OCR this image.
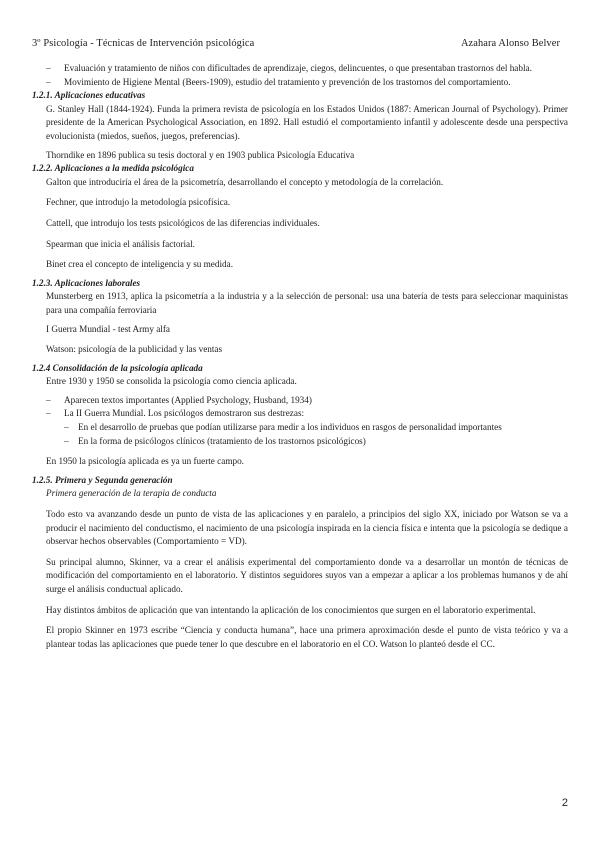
3º Psicología - Técnicas de Intervención psicológica	Azahara Alonso Belver
– Evaluación y tratamiento de niños con dificultades de aprendizaje, ciegos, delincuentes, o que presentaban trastornos del habla.
– Movimiento de Higiene Mental (Beers-1909), estudio del tratamiento y prevención de los trastornos del comportamiento.

1.2.1. Aplicaciones educativas

G. Stanley Hall (1844-1924). Funda la primera revista de psicología en los Estados Unidos (1887: American Journal of Psychology). Primer presidente de la American Psychological Association, en 1892. Hall estudió el comportamiento infantil y adolescente desde una perspectiva evolucionista (miedos, sueños, juegos, preferencias).

Thorndike en 1896 publica su tesis doctoral y en 1903 publica Psicología Educativa

1.2.2. Aplicaciones a la medida psicológica

Galton que introduciría el área de la psicometría, desarrollando el concepto y metodología de la correlación.

Fechner, que introdujo la metodología psicofísica.

Cattell, que introdujo los tests psicológicos de las diferencias individuales.

Spearman que inicia el análisis factorial.

Binet crea el concepto de inteligencia y su medida.

1.2.3. Aplicaciones laborales

Munsterberg en 1913, aplica la psicometría a la industria y a la selección de personal: usa una batería de tests para seleccionar maquinistas para una compañía ferroviaria

I Guerra Mundial - test Army alfa

Watson: psicología de la publicidad y las ventas

1.2.4 Consolidación de la psicología aplicada

Entre 1930 y 1950 se consolida la psicología como ciencia aplicada.

– Aparecen textos importantes (Applied Psychology, Husband, 1934)
– La II Guerra Mundial. Los psicólogos demostraron sus destrezas:
– En el desarrollo de pruebas que podían utilizarse para medir a los individuos en rasgos de personalidad importantes
– En la forma de psicólogos clínicos (tratamiento de los trastornos psicológicos)

En 1950 la psicología aplicada es ya un fuerte campo.

1.2.5. Primera y Segunda generación

Primera generación de la terapia de conducta

Todo esto va avanzando desde un punto de vista de las aplicaciones y en paralelo, a principios del siglo XX, iniciado por Watson se va a producir el nacimiento del conductismo, el nacimiento de una psicología inspirada en la ciencia física e intenta que la psicología se dedique a observar hechos observables (Comportamiento = VD).

Su principal alumno, Skinner, va a crear el análisis experimental del comportamiento donde va a desarrollar un montón de técnicas de modificación del comportamiento en el laboratorio. Y distintos seguidores suyos van a empezar a aplicar a los problemas humanos y de ahí surge el análisis conductual aplicado.

Hay distintos ámbitos de aplicación que van intentando la aplicación de los conocimientos que surgen en el laboratorio experimental.

El propio Skinner en 1973 escribe “Ciencia y conducta humana”, hace una primera aproximación desde el punto de vista teórico y va a plantear todas las aplicaciones que puede tener lo que descubre en el laboratorio en el CO. Watson lo planteó desde el CC.

2
